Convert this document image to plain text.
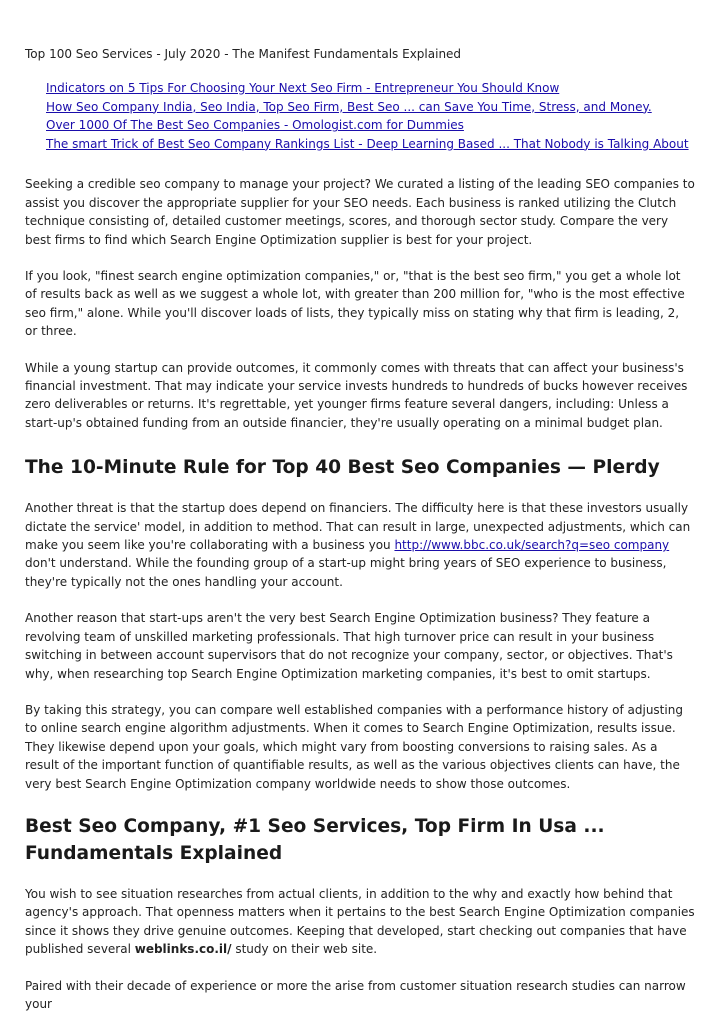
Top 100 Seo Services - July 2020 - The Manifest Fundamentals Explained
Indicators on 5 Tips For Choosing Your Next Seo Firm - Entrepreneur You Should Know
How Seo Company India, Seo India, Top Seo Firm, Best Seo ... can Save You Time, Stress, and Money.
Over 1000 Of The Best Seo Companies - Omologist.com for Dummies
The smart Trick of Best Seo Company Rankings List - Deep Learning Based ... That Nobody is Talking About

Seeking a credible seo company to manage your project? We curated a listing of the leading SEO companies to assist you discover the appropriate supplier for your SEO needs. Each business is ranked utilizing the Clutch technique consisting of, detailed customer meetings, scores, and thorough sector study. Compare the very best firms to find which Search Engine Optimization supplier is best for your project.

If you look, "finest search engine optimization companies," or, "that is the best seo firm," you get a whole lot of results back as well as we suggest a whole lot, with greater than 200 million for, "who is the most effective seo firm," alone. While you'll discover loads of lists, they typically miss on stating why that firm is leading, 2, or three.

While a young startup can provide outcomes, it commonly comes with threats that can affect your business's financial investment. That may indicate your service invests hundreds to hundreds of bucks however receives zero deliverables or returns. It's regrettable, yet younger firms feature several dangers, including: Unless a start-up's obtained funding from an outside financier, they're usually operating on a minimal budget plan.

The 10-Minute Rule for Top 40 Best Seo Companies — Plerdy

Another threat is that the startup does depend on financiers. The difficulty here is that these investors usually dictate the service' model, in addition to method. That can result in large, unexpected adjustments, which can make you seem like you're collaborating with a business you http://www.bbc.co.uk/search?q=seo company don't understand. While the founding group of a start-up might bring years of SEO experience to business, they're typically not the ones handling your account.

Another reason that start-ups aren't the very best Search Engine Optimization business? They feature a revolving team of unskilled marketing professionals. That high turnover price can result in your business switching in between account supervisors that do not recognize your company, sector, or objectives. That's why, when researching top Search Engine Optimization marketing companies, it's best to omit startups.

By taking this strategy, you can compare well established companies with a performance history of adjusting to online search engine algorithm adjustments. When it comes to Search Engine Optimization, results issue. They likewise depend upon your goals, which might vary from boosting conversions to raising sales. As a result of the important function of quantifiable results, as well as the various objectives clients can have, the very best Search Engine Optimization company worldwide needs to show those outcomes.

Best Seo Company, #1 Seo Services, Top Firm In Usa ... Fundamentals Explained

You wish to see situation researches from actual clients, in addition to the why and exactly how behind that agency's approach. That openness matters when it pertains to the best Search Engine Optimization companies since it shows they drive genuine outcomes. Keeping that developed, start checking out companies that have published several weblinks.co.il/ study on their web site.

Paired with their decade of experience or more the arise from customer situation research studies can narrow your
